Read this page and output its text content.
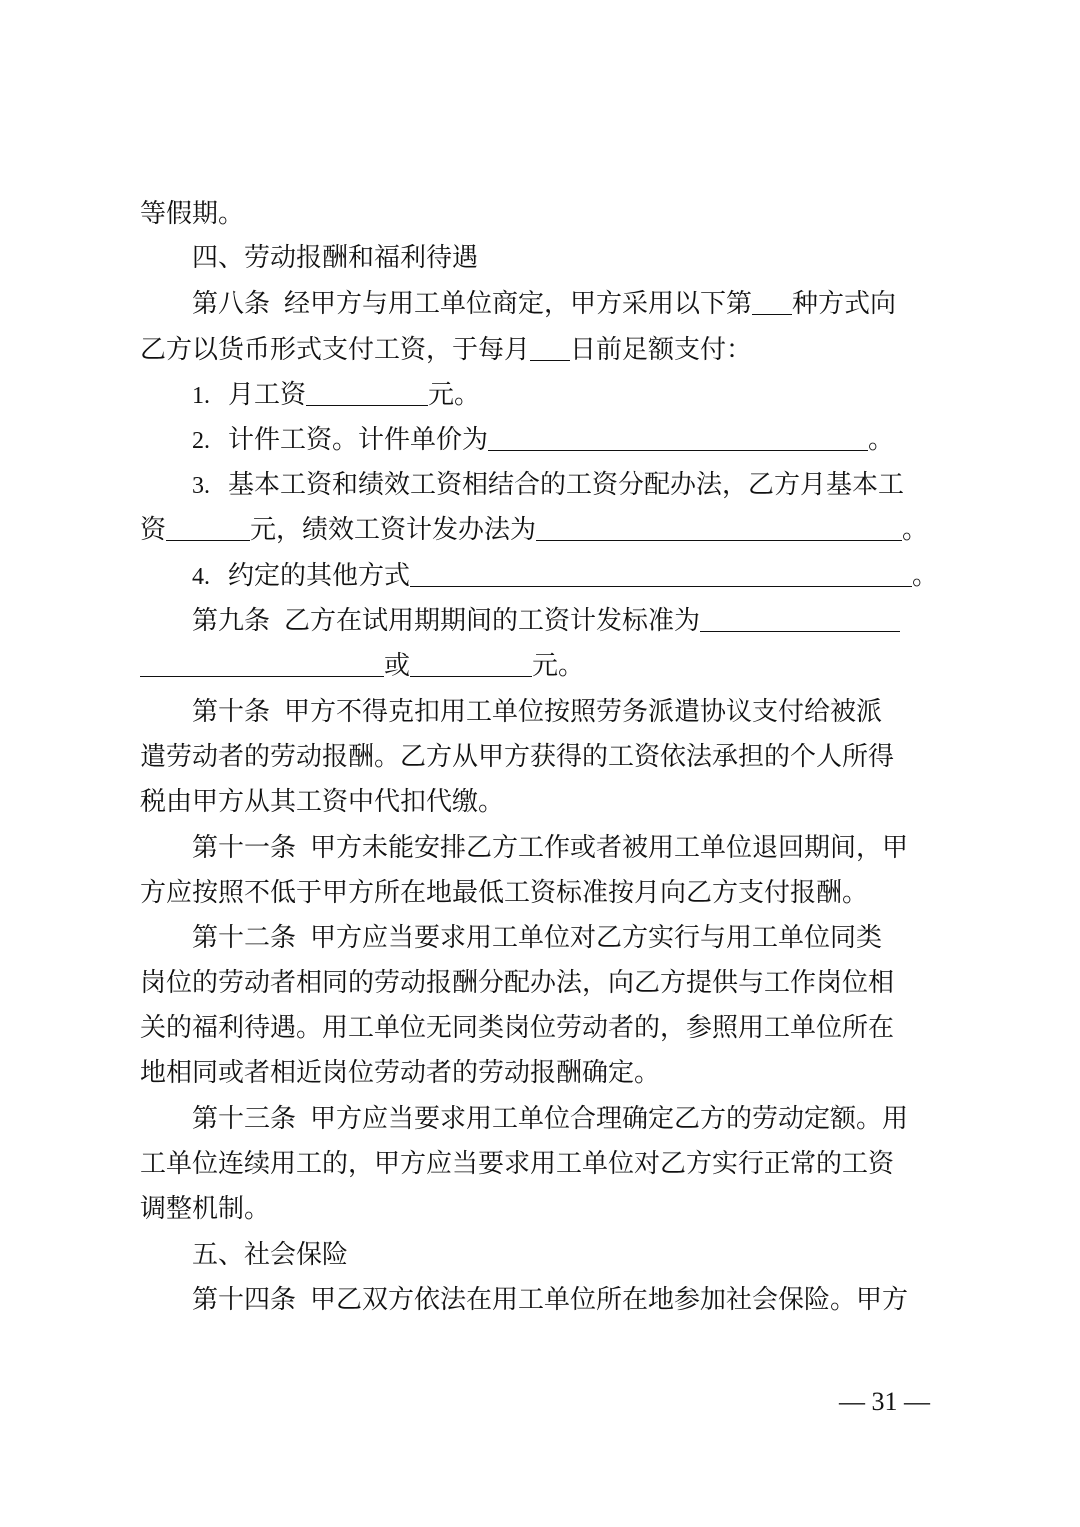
等假期。
四、劳动报酬和福利待遇
第八条 经甲方与用工单位商定，甲方采用以下第 种方式向
乙方以货币形式支付工资，于每月 日前足额支付：
1. 月工资	元。
2. 计件工资。计件单价为	。
3. 基本工资和绩效工资相结合的工资分配办法，乙方月基本工
资	元，绩效工资计发办法为	。
4. 约定的其他方式	。
第九条 乙方在试用期期间的工资计发标准为
或	元。
第十条 甲方不得克扣用工单位按照劳务派遣协议支付给被派
遣劳动者的劳动报酬。乙方从甲方获得的工资依法承担的个人所得
税由甲方从其工资中代扣代缴。
第十一条 甲方未能安排乙方工作或者被用工单位退回期间，甲
方应按照不低于甲方所在地最低工资标准按月向乙方支付报酬。
第十二条 甲方应当要求用工单位对乙方实行与用工单位同类
岗位的劳动者相同的劳动报酬分配办法，向乙方提供与工作岗位相
关的福利待遇。用工单位无同类岗位劳动者的，参照用工单位所在
地相同或者相近岗位劳动者的劳动报酬确定。
第十三条 甲方应当要求用工单位合理确定乙方的劳动定额。用
工单位连续用工的，甲方应当要求用工单位对乙方实行正常的工资
调整机制。
五、社会保险
第十四条 甲乙双方依法在用工单位所在地参加社会保险。甲方
— 31 —
